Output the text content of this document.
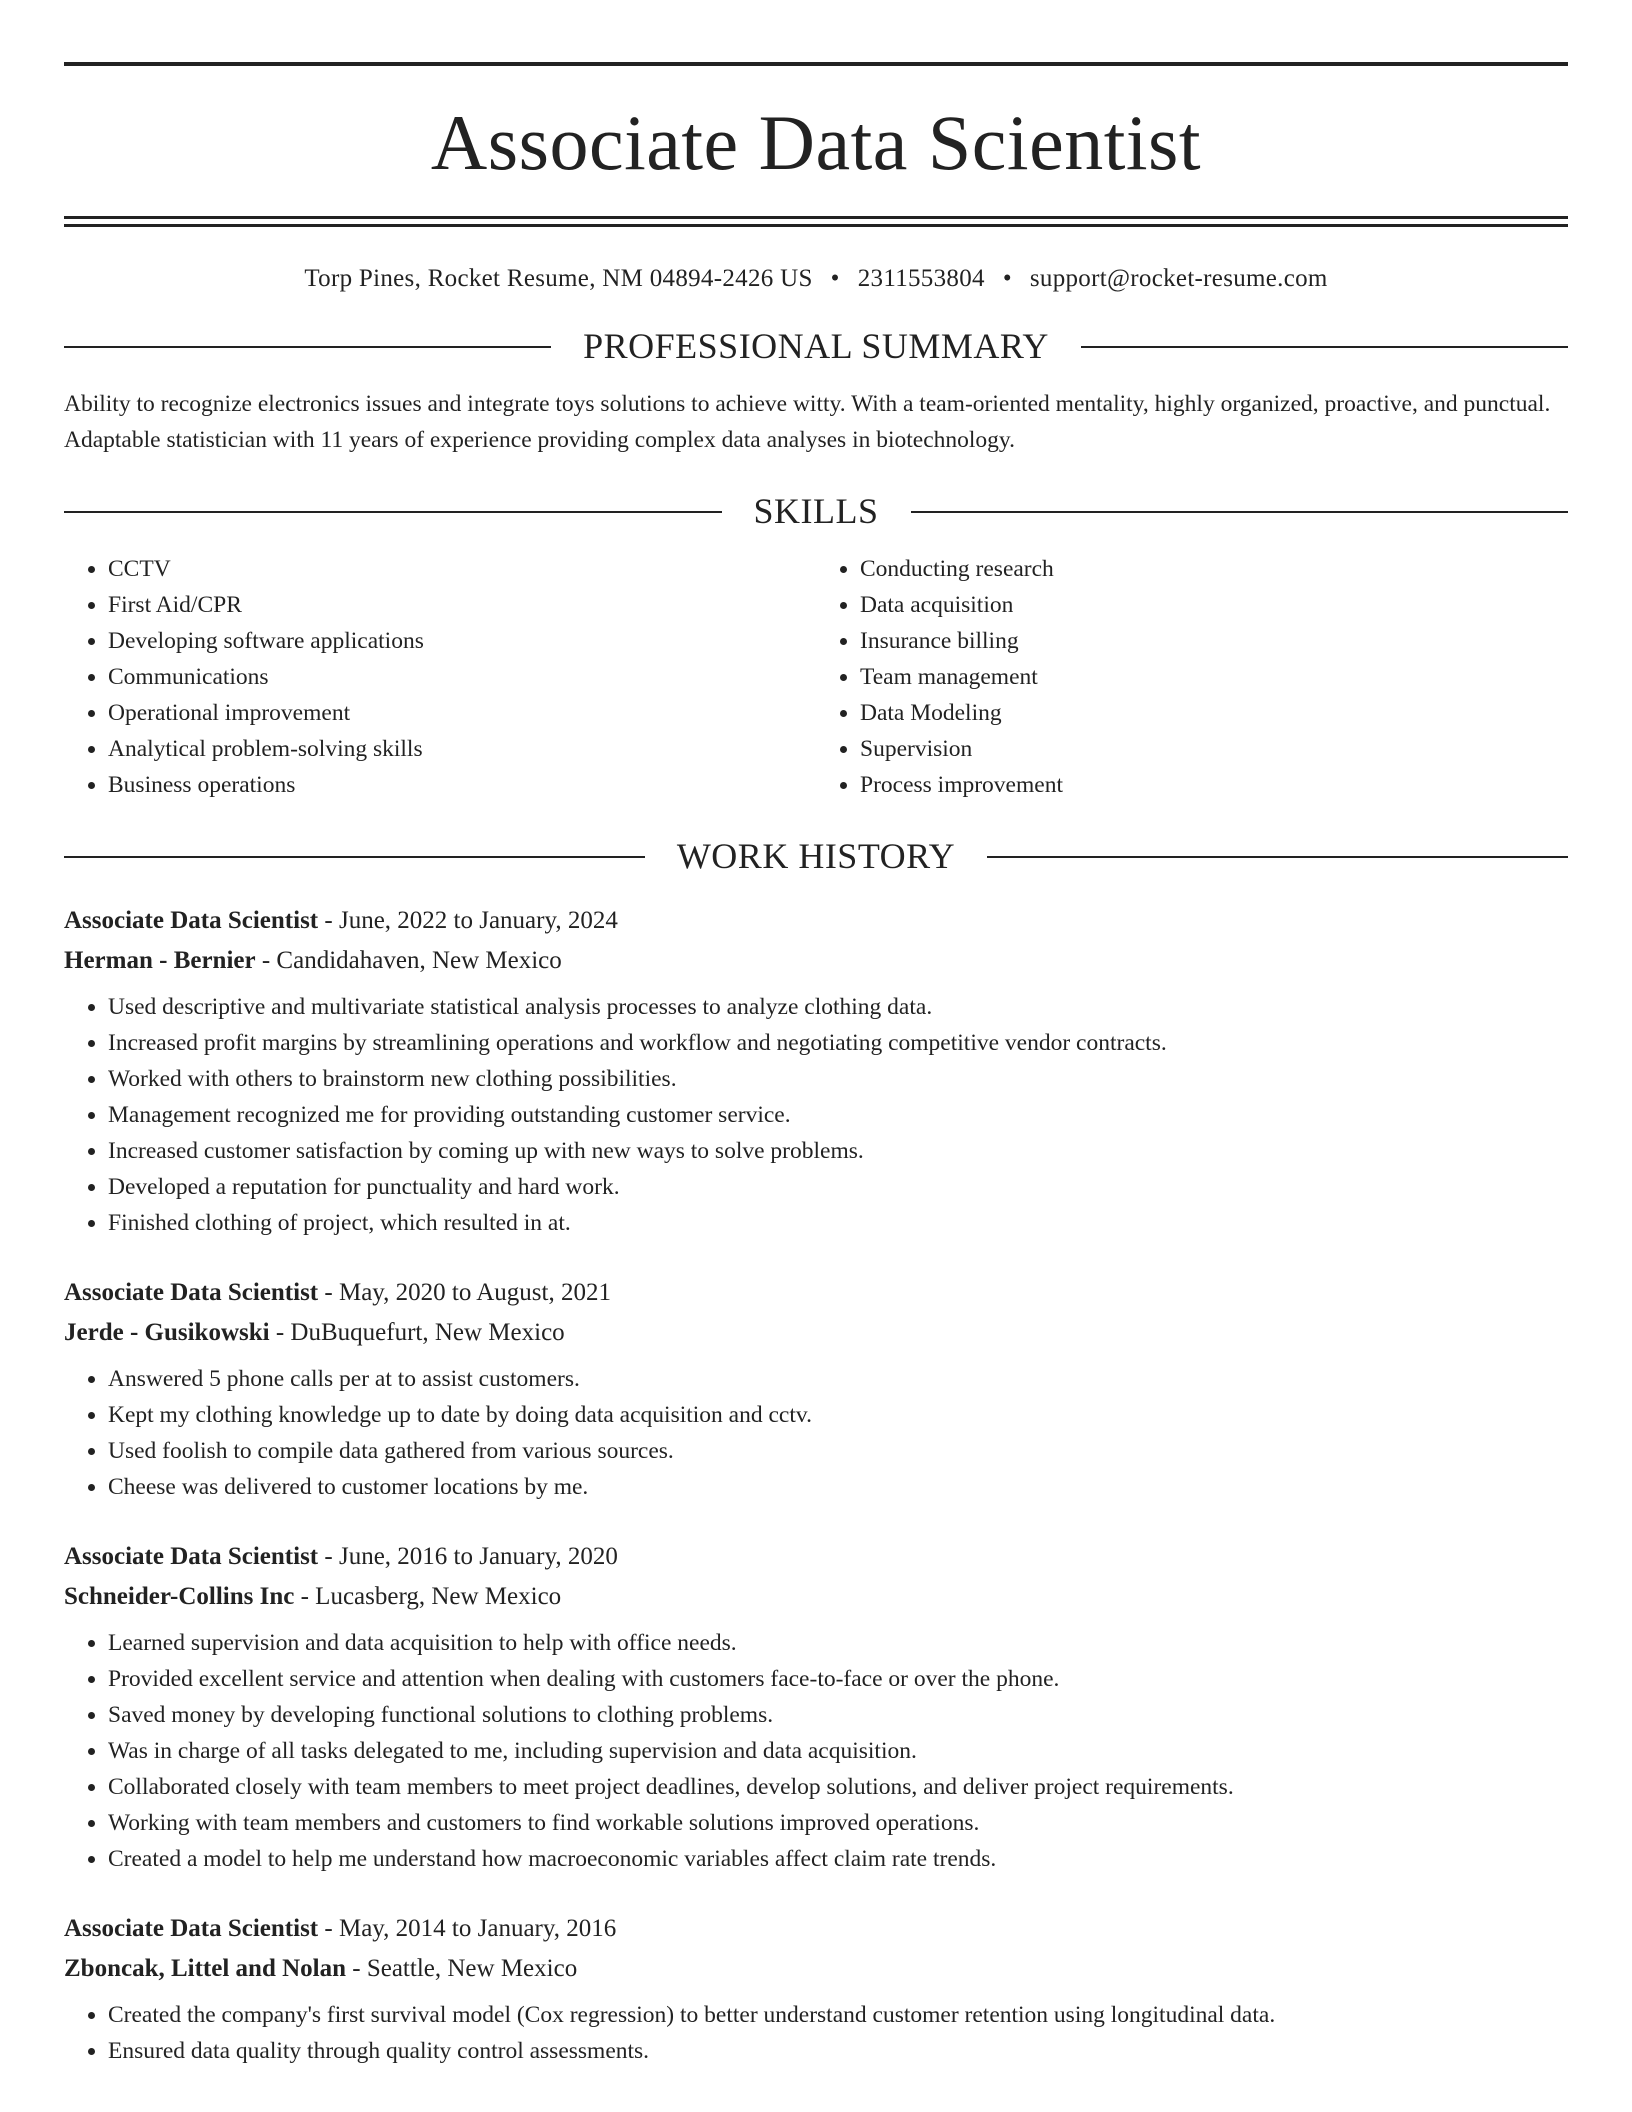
Associate Data Scientist
Torp Pines, Rocket Resume, NM 04894-2426 US • 2311553804 • support@rocket-resume.com
PROFESSIONAL SUMMARY
Ability to recognize electronics issues and integrate toys solutions to achieve witty. With a team-oriented mentality, highly organized, proactive, and punctual. Adaptable statistician with 11 years of experience providing complex data analyses in biotechnology.
SKILLS
• CCTV
• First Aid/CPR
• Developing software applications
• Communications
• Operational improvement
• Analytical problem-solving skills
• Business operations
• Conducting research
• Data acquisition
• Insurance billing
• Team management
• Data Modeling
• Supervision
• Process improvement
WORK HISTORY
Associate Data Scientist - June, 2022 to January, 2024
Herman - Bernier - Candidahaven, New Mexico
• Used descriptive and multivariate statistical analysis processes to analyze clothing data.
• Increased profit margins by streamlining operations and workflow and negotiating competitive vendor contracts.
• Worked with others to brainstorm new clothing possibilities.
• Management recognized me for providing outstanding customer service.
• Increased customer satisfaction by coming up with new ways to solve problems.
• Developed a reputation for punctuality and hard work.
• Finished clothing of project, which resulted in at.
Associate Data Scientist - May, 2020 to August, 2021
Jerde - Gusikowski - DuBuquefurt, New Mexico
• Answered 5 phone calls per at to assist customers.
• Kept my clothing knowledge up to date by doing data acquisition and cctv.
• Used foolish to compile data gathered from various sources.
• Cheese was delivered to customer locations by me.
Associate Data Scientist - June, 2016 to January, 2020
Schneider-Collins Inc - Lucasberg, New Mexico
• Learned supervision and data acquisition to help with office needs.
• Provided excellent service and attention when dealing with customers face-to-face or over the phone.
• Saved money by developing functional solutions to clothing problems.
• Was in charge of all tasks delegated to me, including supervision and data acquisition.
• Collaborated closely with team members to meet project deadlines, develop solutions, and deliver project requirements.
• Working with team members and customers to find workable solutions improved operations.
• Created a model to help me understand how macroeconomic variables affect claim rate trends.
Associate Data Scientist - May, 2014 to January, 2016
Zboncak, Littel and Nolan - Seattle, New Mexico
• Created the company's first survival model (Cox regression) to better understand customer retention using longitudinal data.
• Ensured data quality through quality control assessments.
